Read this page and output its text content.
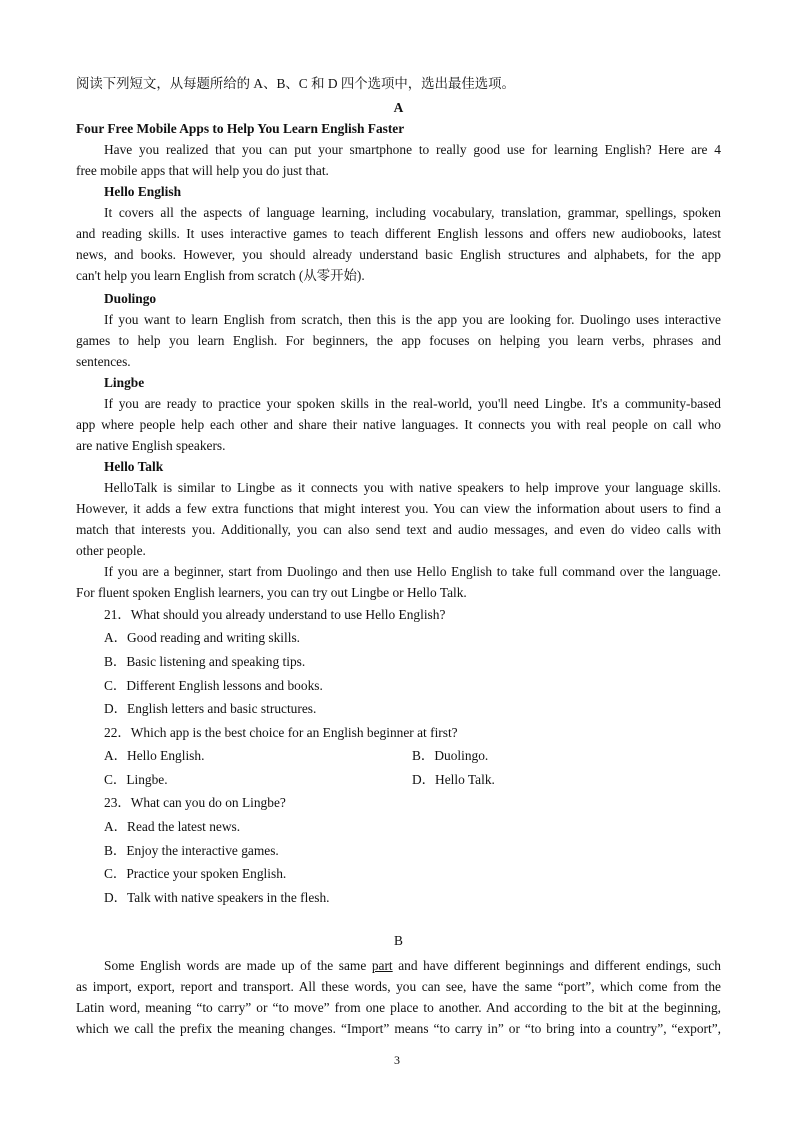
阅读下列短文，从每题所给的 A、B、C 和 D 四个选项中，选出最佳选项。
A
Four Free Mobile Apps to Help You Learn English Faster
Have you realized that you can put your smartphone to really good use for learning English? Here are 4
free mobile apps that will help you do just that.
Hello English
It covers all the aspects of language learning, including vocabulary, translation, grammar, spellings, spoken
and reading skills. It uses interactive games to teach different English lessons and offers new audiobooks, latest
news, and books. However, you should already understand basic English structures and alphabets, for the app
can't help you learn English from scratch (从零开始).
Duolingo
If you want to learn English from scratch, then this is the app you are looking for. Duolingo uses interactive
games to help you learn English. For beginners, the app focuses on helping you learn verbs, phrases and
sentences.
Lingbe
If you are ready to practice your spoken skills in the real-world, you'll need Lingbe. It's a community-based
app where people help each other and share their native languages. It connects you with real people on call who
are native English speakers.
Hello Talk
HelloTalk is similar to Lingbe as it connects you with native speakers to help improve your language skills.
However, it adds a few extra functions that might interest you. You can view the information about users to find a
match that interests you. Additionally, you can also send text and audio messages, and even do video calls with
other people.
If you are a beginner, start from Duolingo and then use Hello English to take full command over the language.
For fluent spoken English learners, you can try out Lingbe or Hello Talk.
21．What should you already understand to use Hello English?
A．Good reading and writing skills.
B．Basic listening and speaking tips.
C．Different English lessons and books.
D．English letters and basic structures.
22．Which app is the best choice for an English beginner at first?
A．Hello English.	B．Duolingo.
C．Lingbe.	D．Hello Talk.
23．What can you do on Lingbe?
A．Read the latest news.
B．Enjoy the interactive games.
C．Practice your spoken English.
D．Talk with native speakers in the flesh.
B
Some English words are made up of the same part and have different beginnings and different endings, such
as import, export, report and transport. All these words, you can see, have the same “port”, which come from the
Latin word, meaning “to carry” or “to move” from one place to another. And according to the bit at the beginning,
which we call the prefix the meaning changes. “Import” means “to carry in” or “to bring into a country”, “export”,
3
